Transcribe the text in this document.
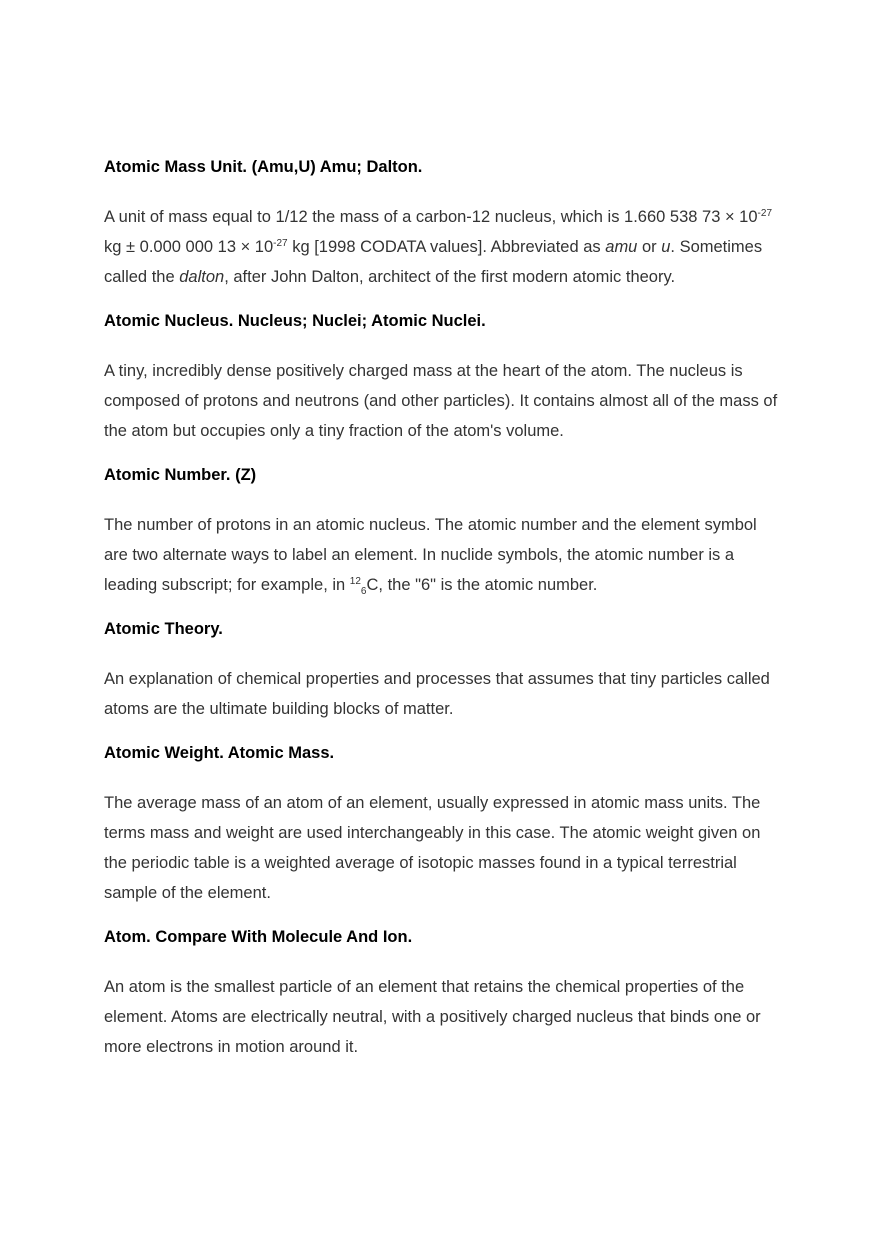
Atomic Mass Unit. (Amu,U) Amu; Dalton.
A unit of mass equal to 1/12 the mass of a carbon-12 nucleus, which is 1.660 538 $73 \times 10^{-27}$ kg ± 0.000 000 $13 \times 10^{-27}$ kg [1998 CODATA values]. Abbreviated as amu or u. Sometimes called the dalton, after John Dalton, architect of the first modern atomic theory.
Atomic Nucleus. Nucleus; Nuclei; Atomic Nuclei.
A tiny, incredibly dense positively charged mass at the heart of the atom. The nucleus is composed of protons and neutrons (and other particles). It contains almost all of the mass of the atom but occupies only a tiny fraction of the atom's volume.
Atomic Number. (Z)
The number of protons in an atomic nucleus. The atomic number and the element symbol are two alternate ways to label an element. In nuclide symbols, the atomic number is a leading subscript; for example, in $^{12}_6$C, the "6" is the atomic number.
Atomic Theory.
An explanation of chemical properties and processes that assumes that tiny particles called atoms are the ultimate building blocks of matter.
Atomic Weight. Atomic Mass.
The average mass of an atom of an element, usually expressed in atomic mass units. The terms mass and weight are used interchangeably in this case. The atomic weight given on the periodic table is a weighted average of isotopic masses found in a typical terrestrial sample of the element.
Atom. Compare With Molecule And Ion.
An atom is the smallest particle of an element that retains the chemical properties of the element. Atoms are electrically neutral, with a positively charged nucleus that binds one or more electrons in motion around it.
